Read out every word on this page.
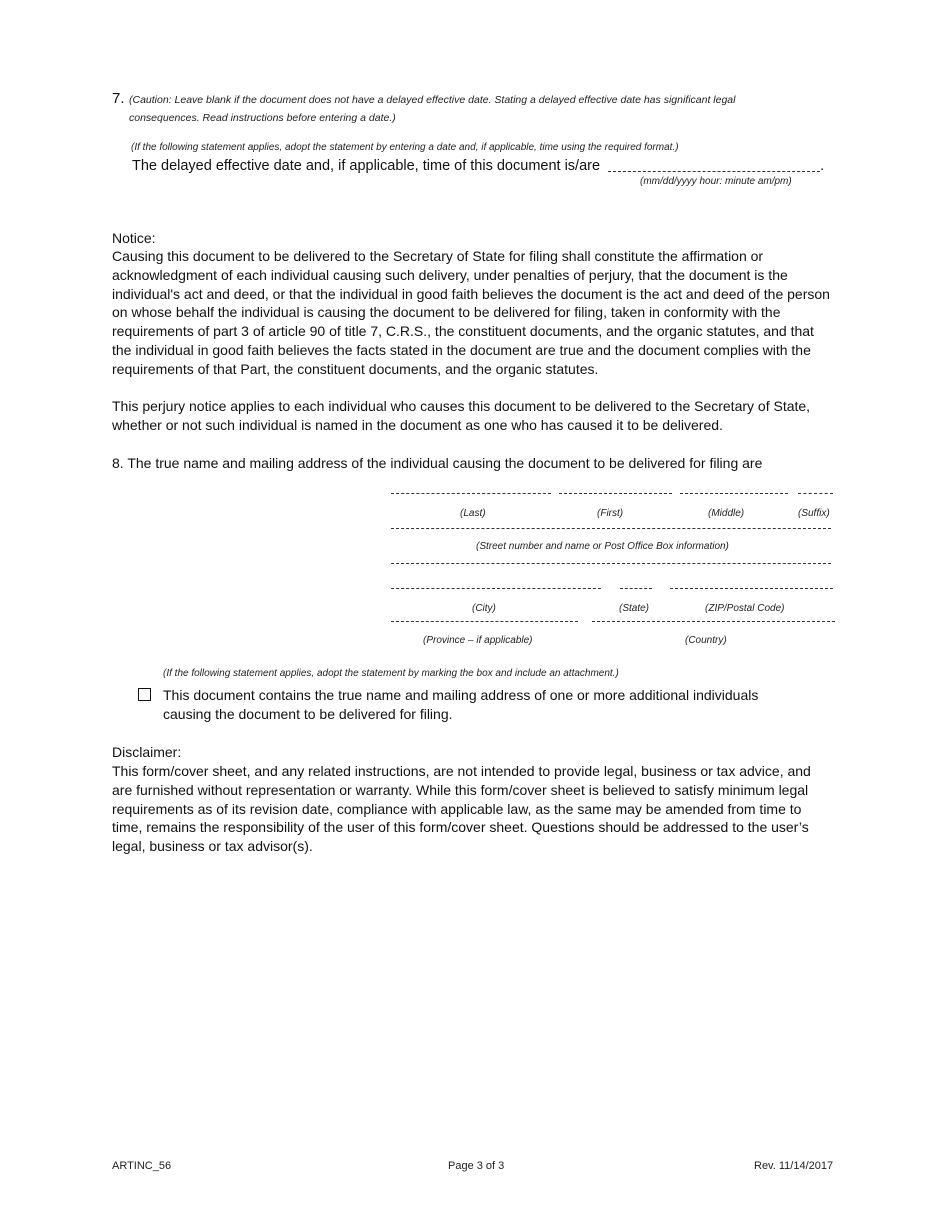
7. (Caution: Leave blank if the document does not have a delayed effective date. Stating a delayed effective date has significant legal consequences. Read instructions before entering a date.)
(If the following statement applies, adopt the statement by entering a date and, if applicable, time using the required format.)
The delayed effective date and, if applicable, time of this document is/are	.
(mm/dd/yyyy hour: minute am/pm)
Notice:
Causing this document to be delivered to the Secretary of State for filing shall constitute the affirmation or acknowledgment of each individual causing such delivery, under penalties of perjury, that the document is the individual's act and deed, or that the individual in good faith believes the document is the act and deed of the person on whose behalf the individual is causing the document to be delivered for filing, taken in conformity with the requirements of part 3 of article 90 of title 7, C.R.S., the constituent documents, and the organic statutes, and that the individual in good faith believes the facts stated in the document are true and the document complies with the requirements of that Part, the constituent documents, and the organic statutes.
This perjury notice applies to each individual who causes this document to be delivered to the Secretary of State, whether or not such individual is named in the document as one who has caused it to be delivered.
8. The true name and mailing address of the individual causing the document to be delivered for filing are
(Last)	(First)	(Middle)	(Suffix)
(Street number and name or Post Office Box information)
(City)	(State)	(ZIP/Postal Code)
(Province – if applicable)	(Country)
(If the following statement applies, adopt the statement by marking the box and include an attachment.)
This document contains the true name and mailing address of one or more additional individuals causing the document to be delivered for filing.
Disclaimer:
This form/cover sheet, and any related instructions, are not intended to provide legal, business or tax advice, and are furnished without representation or warranty. While this form/cover sheet is believed to satisfy minimum legal requirements as of its revision date, compliance with applicable law, as the same may be amended from time to time, remains the responsibility of the user of this form/cover sheet. Questions should be addressed to the user’s legal, business or tax advisor(s).
ARTINC_56	Page 3 of 3	Rev. 11/14/2017
